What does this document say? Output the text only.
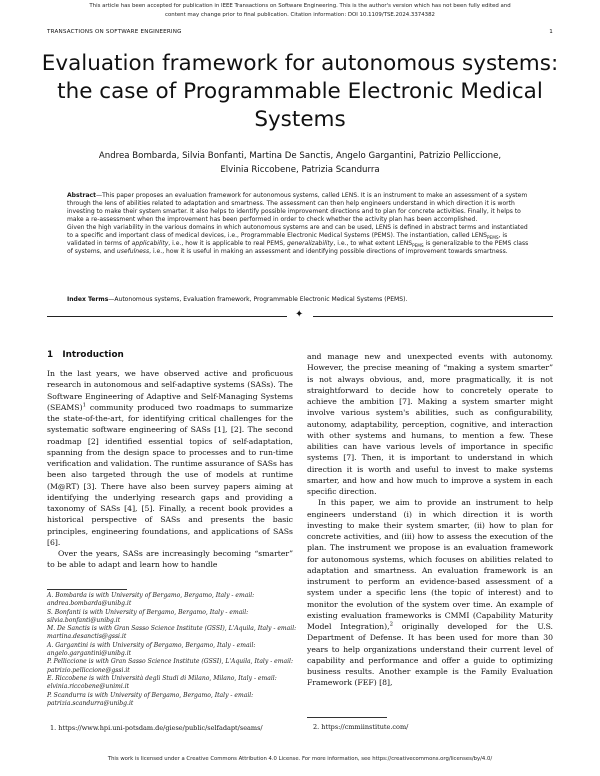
This article has been accepted for publication in IEEE Transactions on Software Engineering. This is the author's version which has not been fully edited and
content may change prior to final publication. Citation information: DOI 10.1109/TSE.2024.3374382
TRANSACTIONS ON SOFTWARE ENGINEERING	1
Evaluation framework for autonomous systems:
the case of Programmable Electronic Medical
Systems
Andrea Bombarda, Silvia Bonfanti, Martina De Sanctis, Angelo Gargantini, Patrizio Pelliccione,
Elvinia Riccobene, Patrizia Scandurra

Abstract—This paper proposes an evaluation framework for autonomous systems, called LENS. It is an instrument to make an assessment of a system through the lens of abilities related to adaptation and smartness. The assessment can then help engineers understand in which direction it is worth investing to make their system smarter. It also helps to identify possible improvement directions and to plan for concrete activities. Finally, it helps to make a re-assessment when the improvement has been performed in order to check whether the activity plan has been accomplished.

Given the high variability in the various domains in which autonomous systems are and can be used, LENS is defined in abstract terms and instantiated to a specific and important class of medical devices, i.e., Programmable Electronic Medical Systems (PEMS). The instantiation, called $LENS_{PEMS}$, is validated in terms of applicability, i.e., how it is applicable to real PEMS, generalizability, i.e., to what extent $LENS_{PEMS}$ is generalizable to the PEMS class of systems, and usefulness, i.e., how it is useful in making an assessment and identifying possible directions of improvement towards smartness.

Index Terms—Autonomous systems, Evaluation framework, Programmable Electronic Medical Systems (PEMS).
✦
1 Introduction

In the last years, we have observed active and proficuous research in autonomous and self-adaptive systems (SASs). The Software Engineering of Adaptive and Self-Managing Systems (SEAMS)$^1$ community produced two roadmaps to summarize the state-of-the-art, for identifying critical challenges for the systematic software engineering of SASs [1], [2]. The second roadmap [2] identified essential topics of self-adaptation, spanning from the design space to processes and to run-time verification and validation. The runtime assurance of SASs has been also targeted through the use of models at runtime (M@RT) [3]. There have also been survey papers aiming at identifying the underlying research gaps and providing a taxonomy of SASs [4], [5]. Finally, a recent book provides a historical perspective of SASs and presents the basic principles, engineering foundations, and applications of SASs [6].

Over the years, SASs are increasingly becoming “smarter” to be able to adapt and learn how to handle

and manage new and unexpected events with autonomy. However, the precise meaning of “making a system smarter” is not always obvious, and, more pragmatically, it is not straightforward to decide how to concretely operate to achieve the ambition [7]. Making a system smarter might involve various system's abilities, such as configurability, autonomy, adaptability, perception, cognitive, and interaction with other systems and humans, to mention a few. These abilities can have various levels of importance in specific systems [7]. Then, it is important to understand in which direction it is worth and useful to invest to make systems smarter, and how and how much to improve a system in each specific direction.

In this paper, we aim to provide an instrument to help engineers understand (i) in which direction it is worth investing to make their system smarter, (ii) how to plan for concrete activities, and (iii) how to assess the execution of the plan. The instrument we propose is an evaluation framework for autonomous systems, which focuses on abilities related to adaptation and smartness. An evaluation framework is an instrument to perform an evidence-based assessment of a system under a specific lens (the topic of interest) and to monitor the evolution of the system over time. An example of existing evaluation frameworks is CMMI (Capability Maturity Model Integration),$^2$ originally developed for the U.S. Department of Defense. It has been used for more than 30 years to help organizations understand their current level of capability and performance and offer a guide to optimizing business results. Another example is the Family Evaluation Framework (FEF) [8],

A. Bombarda is with University of Bergamo, Bergamo, Italy - email: andrea.bombarda@unibg.it

S. Bonfanti is with University of Bergamo, Bergamo, Italy - email: silvia.bonfanti@unibg.it

M. De Sanctis is with Gran Sasso Science Institute (GSSI), L'Aquila, Italy - email: martina.desanctis@gssi.it

A. Gargantini is with University of Bergamo, Bergamo, Italy - email: angelo.gargantini@unibg.it

P. Pelliccione is with Gran Sasso Science Institute (GSSI), L'Aquila, Italy - email: patrizio.pelliccione@gssi.it

E. Riccobene is with Università degli Studi di Milano, Milano, Italy - email: elvinia.riccobene@unimi.it

P. Scandurra is with University of Bergamo, Bergamo, Italy - email: patrizia.scandurra@unibg.it

1. https://www.hpi.uni-potsdam.de/giese/public/selfadapt/seams/	2. https://cmmiinstitute.com/
This work is licensed under a Creative Commons Attribution 4.0 License. For more information, see https://creativecommons.org/licenses/by/4.0/
